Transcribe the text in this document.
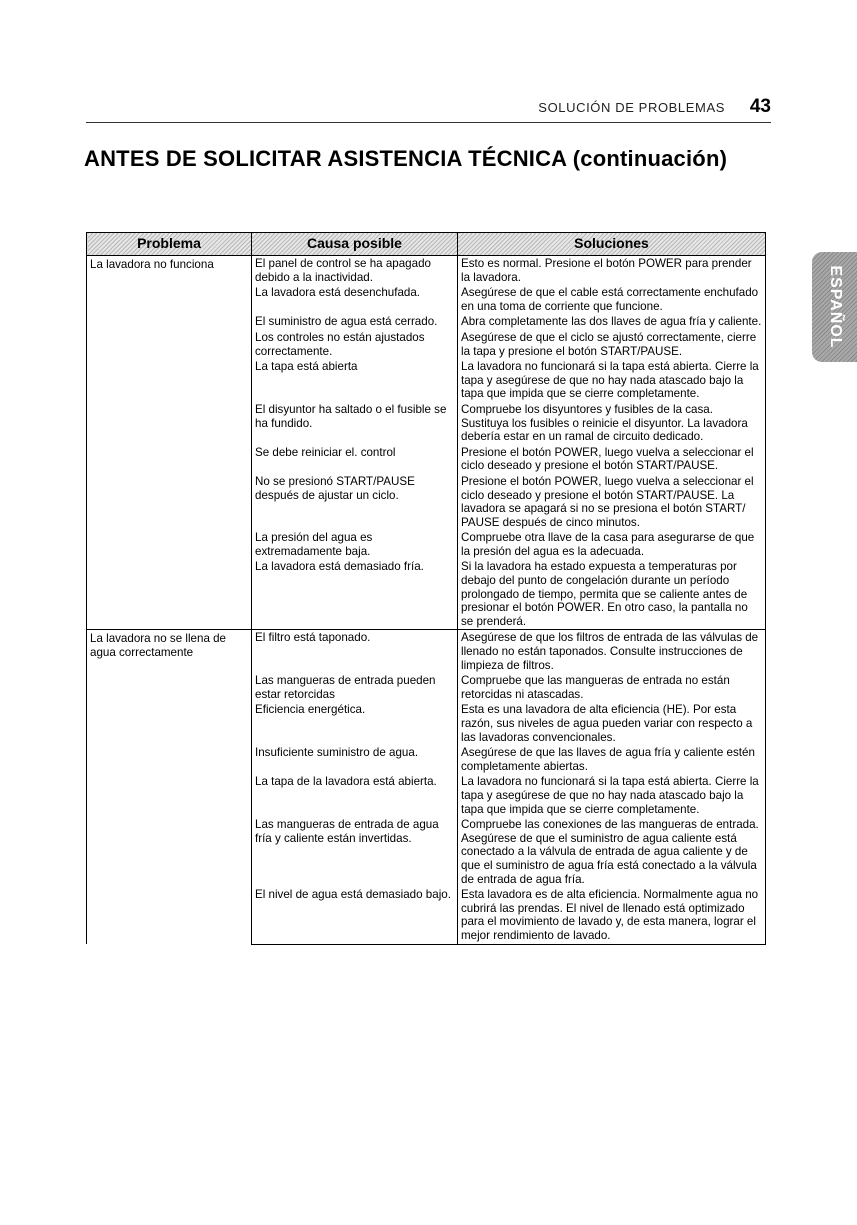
SOLUCIÓN DE PROBLEMAS 43
ANTES DE SOLICITAR ASISTENCIA TÉCNICA (continuación)
ESPAÑOL
Problema	Causa posible	Soluciones
La lavadora no funciona	El panel de control se ha apagado debido a la inactividad.	Esto es normal. Presione el botón POWER para prender la lavadora.
	La lavadora está desenchufada.	Asegúrese de que el cable está correctamente enchufado en una toma de corriente que funcione.
	El suministro de agua está cerrado.	Abra completamente las dos llaves de agua fría y caliente.
	Los controles no están ajustados correctamente.	Asegúrese de que el ciclo se ajustó correctamente, cierre la tapa y presione el botón START/PAUSE.
	La tapa está abierta	La lavadora no funcionará si la tapa está abierta. Cierre la tapa y asegúrese de que no hay nada atascado bajo la tapa que impida que se cierre completamente.
	El disyuntor ha saltado o el fusible se ha fundido.	Compruebe los disyuntores y fusibles de la casa. Sustituya los fusibles o reinicie el disyuntor. La lavadora debería estar en un ramal de circuito dedicado.
	Se debe reiniciar el. control	Presione el botón POWER, luego vuelva a seleccionar el ciclo deseado y presione el botón START/PAUSE.
	No se presionó START/PAUSE después de ajustar un ciclo.	Presione el botón POWER, luego vuelva a seleccionar el ciclo deseado y presione el botón START/PAUSE. La lavadora se apagará si no se presiona el botón START/ PAUSE después de cinco minutos.
	La presión del agua es extremadamente baja.	Compruebe otra llave de la casa para asegurarse de que la presión del agua es la adecuada.
	La lavadora está demasiado fría.	Si la lavadora ha estado expuesta a temperaturas por debajo del punto de congelación durante un período prolongado de tiempo, permita que se caliente antes de presionar el botón POWER. En otro caso, la pantalla no se prenderá.
La lavadora no se llena de agua correctamente	El filtro está taponado.	Asegúrese de que los filtros de entrada de las válvulas de llenado no están taponados. Consulte instrucciones de limpieza de filtros.
	Las mangueras de entrada pueden estar retorcidas	Compruebe que las mangueras de entrada no están retorcidas ni atascadas.
	Eficiencia energética.	Esta es una lavadora de alta eficiencia (HE). Por esta razón, sus niveles de agua pueden variar con respecto a las lavadoras convencionales.
	Insuficiente suministro de agua.	Asegúrese de que las llaves de agua fría y caliente estén completamente abiertas.
	La tapa de la lavadora está abierta.	La lavadora no funcionará si la tapa está abierta. Cierre la tapa y asegúrese de que no hay nada atascado bajo la tapa que impida que se cierre completamente.
	Las mangueras de entrada de agua fría y caliente están invertidas.	Compruebe las conexiones de las mangueras de entrada. Asegúrese de que el suministro de agua caliente está conectado a la válvula de entrada de agua caliente y de que el suministro de agua fría está conectado a la válvula de entrada de agua fría.
	El nivel de agua está demasiado bajo.	Esta lavadora es de alta eficiencia. Normalmente agua no cubrirá las prendas. El nivel de llenado está optimizado para el movimiento de lavado y, de esta manera, lograr el mejor rendimiento de lavado.
